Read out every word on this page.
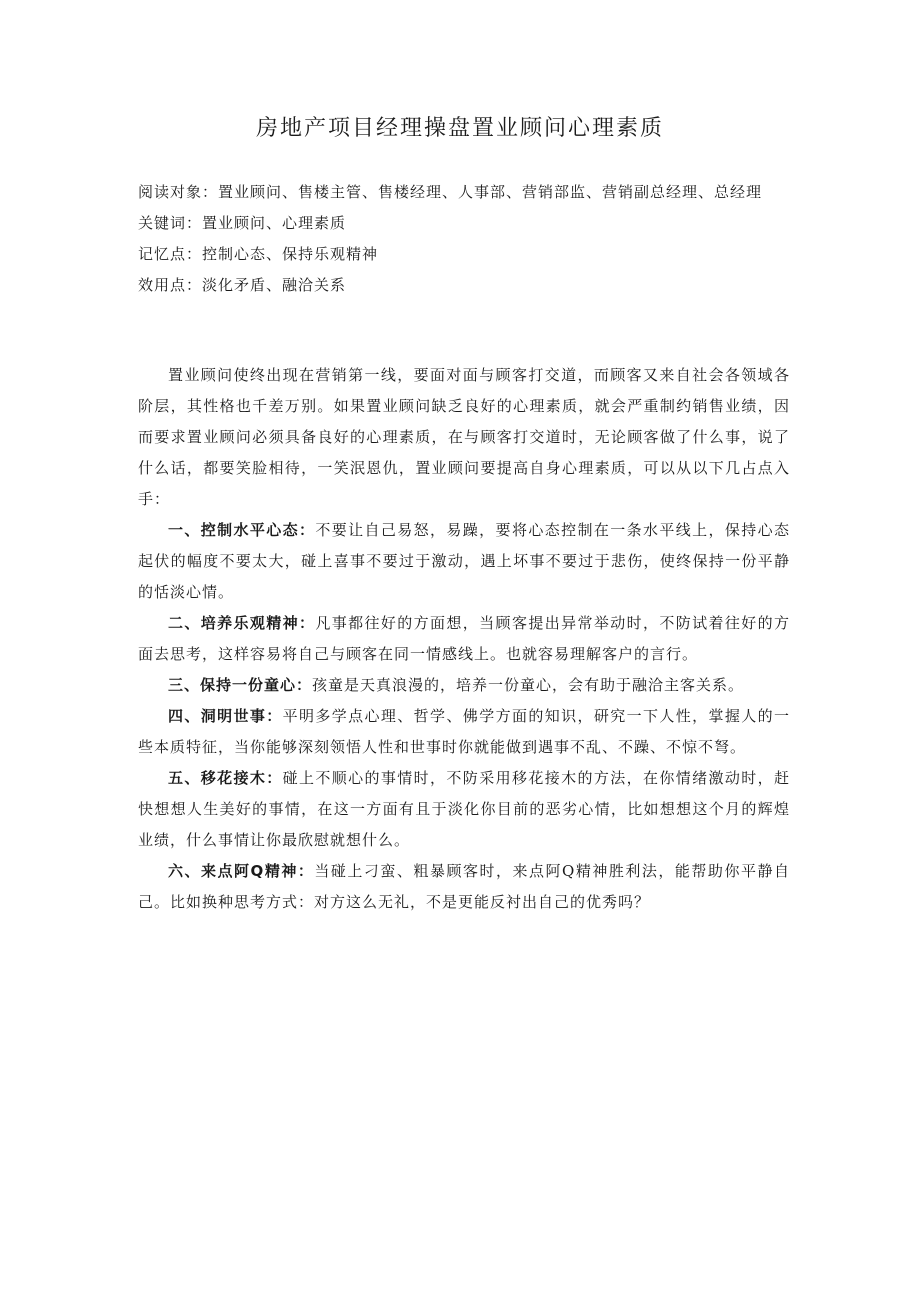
房地产项目经理操盘置业顾问心理素质

阅读对象：置业顾问、售楼主管、售楼经理、人事部、营销部监、营销副总经理、总经理

关键词：置业顾问、心理素质

记忆点：控制心态、保持乐观精神

效用点：淡化矛盾、融洽关系

置业顾问使终出现在营销第一线，要面对面与顾客打交道，而顾客又来自社会各领域各阶层，其性格也千差万别。如果置业顾问缺乏良好的心理素质，就会严重制约销售业绩，因而要求置业顾问必须具备良好的心理素质，在与顾客打交道时，无论顾客做了什么事，说了什么话，都要笑脸相待，一笑泯恩仇，置业顾问要提高自身心理素质，可以从以下几占点入手：

一、控制水平心态：不要让自己易怒，易躁，要将心态控制在一条水平线上，保持心态起伏的幅度不要太大，碰上喜事不要过于激动，遇上坏事不要过于悲伤，使终保持一份平静的恬淡心情。

二、培养乐观精神：凡事都往好的方面想，当顾客提出异常举动时，不防试着往好的方面去思考，这样容易将自己与顾客在同一情感线上。也就容易理解客户的言行。

三、保持一份童心：孩童是天真浪漫的，培养一份童心，会有助于融洽主客关系。

四、洞明世事：平明多学点心理、哲学、佛学方面的知识，研究一下人性，掌握人的一些本质特征，当你能够深刻领悟人性和世事时你就能做到遇事不乱、不躁、不惊不弩。

五、移花接木：碰上不顺心的事情时，不防采用移花接木的方法，在你情绪激动时，赶快想想人生美好的事情，在这一方面有且于淡化你目前的恶劣心情，比如想想这个月的辉煌业绩，什么事情让你最欣慰就想什么。

六、来点阿Q精神：当碰上刁蛮、粗暴顾客时，来点阿Q精神胜利法，能帮助你平静自己。比如换种思考方式：对方这么无礼，不是更能反衬出自己的优秀吗？
